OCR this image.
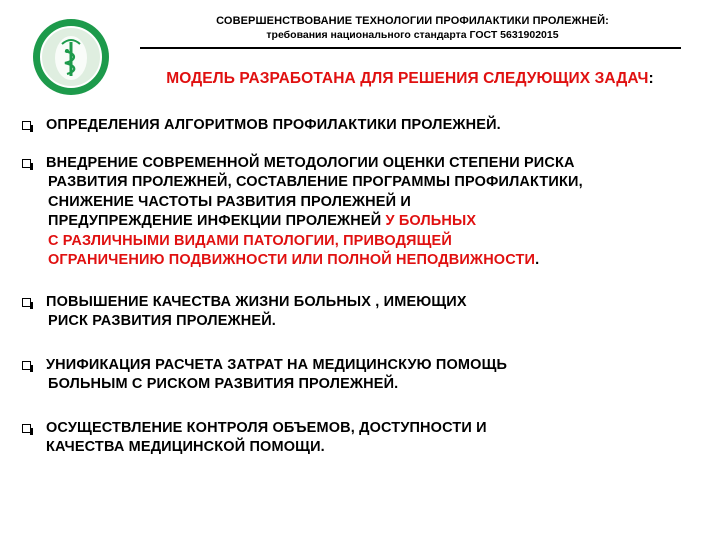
СОВЕРШЕНСТВОВАНИЕ ТЕХНОЛОГИИ ПРОФИЛАКТИКИ ПРОЛЕЖНЕЙ:
требования национального стандарта ГОСТ 5631902015
МОДЕЛЬ РАЗРАБОТАНА ДЛЯ РЕШЕНИЯ СЛЕДУЮЩИХ ЗАДАЧ:
ОПРЕДЕЛЕНИЯ АЛГОРИТМОВ ПРОФИЛАКТИКИ ПРОЛЕЖНЕЙ.
ВНЕДРЕНИЕ СОВРЕМЕННОЙ МЕТОДОЛОГИИ ОЦЕНКИ СТЕПЕНИ РИСКА
РАЗВИТИЯ ПРОЛЕЖНЕЙ, СОСТАВЛЕНИЕ ПРОГРАММЫ ПРОФИЛАКТИКИ,
СНИЖЕНИЕ ЧАСТОТЫ РАЗВИТИЯ ПРОЛЕЖНЕЙ И
ПРЕДУПРЕЖДЕНИЕ ИНФЕКЦИИ ПРОЛЕЖНЕЙ У БОЛЬНЫХ
С РАЗЛИЧНЫМИ ВИДАМИ ПАТОЛОГИИ, ПРИВОДЯЩЕЙ
ОГРАНИЧЕНИЮ ПОДВИЖНОСТИ ИЛИ ПОЛНОЙ НЕПОДВИЖНОСТИ.
ПОВЫШЕНИЕ КАЧЕСТВА ЖИЗНИ БОЛЬНЫХ , ИМЕЮЩИХ
РИСК РАЗВИТИЯ ПРОЛЕЖНЕЙ.
УНИФИКАЦИЯ РАСЧЕТА ЗАТРАТ НА МЕДИЦИНСКУЮ ПОМОЩЬ
БОЛЬНЫМ С РИСКОМ РАЗВИТИЯ ПРОЛЕЖНЕЙ.
ОСУЩЕСТВЛЕНИЕ КОНТРОЛЯ ОБЪЕМОВ, ДОСТУПНОСТИ И
КАЧЕСТВА МЕДИЦИНСКОЙ ПОМОЩИ.
